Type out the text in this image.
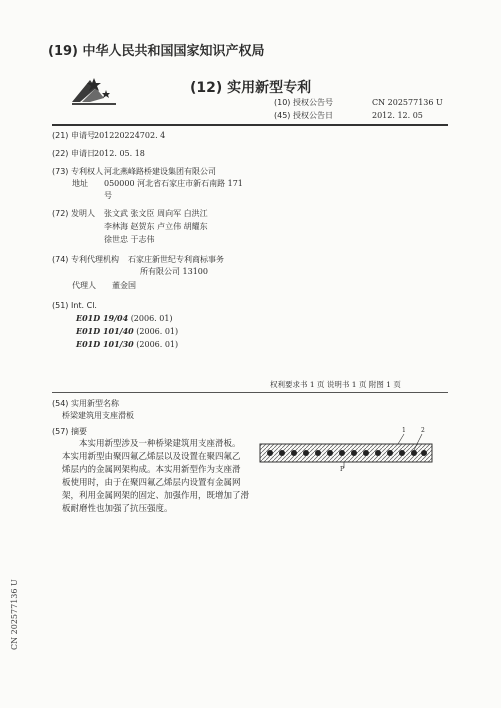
(19) 中华人民共和国国家知识产权局
(12) 实用新型专利
(10) 授权公告号	CN 202577136 U
(45) 授权公告日	2012. 12. 05
(21) 申请号 201220224702. 4
(22) 申请日 2012. 05. 18
(73) 专利权人 河北燕峰路桥建设集团有限公司
地址 050000 河北省石家庄市新石南路 171
号
(72) 发明人 张文武 张文臣 周向军 白洪江
李林海 赵贺东 卢立伟 胡耀东
徐世忠 于志伟
(74) 专利代理机构 石家庄新世纪专利商标事务
所有限公司 13100
代理人 董金国
(51) Int. Cl.
E01D 19/04 (2006. 01)
E01D 101/40 (2006. 01)
E01D 101/30 (2006. 01)
权利要求书 1 页 说明书 1 页 附图 1 页
(54) 实用新型名称
桥梁建筑用支座滑板
(57) 摘要
本实用新型涉及一种桥梁建筑用支座滑板。
本实用新型由聚四氟乙烯层以及设置在聚四氟乙
烯层内的金属网架构成。本实用新型作为支座滑
板使用时，由于在聚四氟乙烯层内设置有金属网
架，利用金属网架的固定、加强作用，既增加了滑
板耐磨性也加强了抗压强度。
1	2
P
CN 202577136 U
